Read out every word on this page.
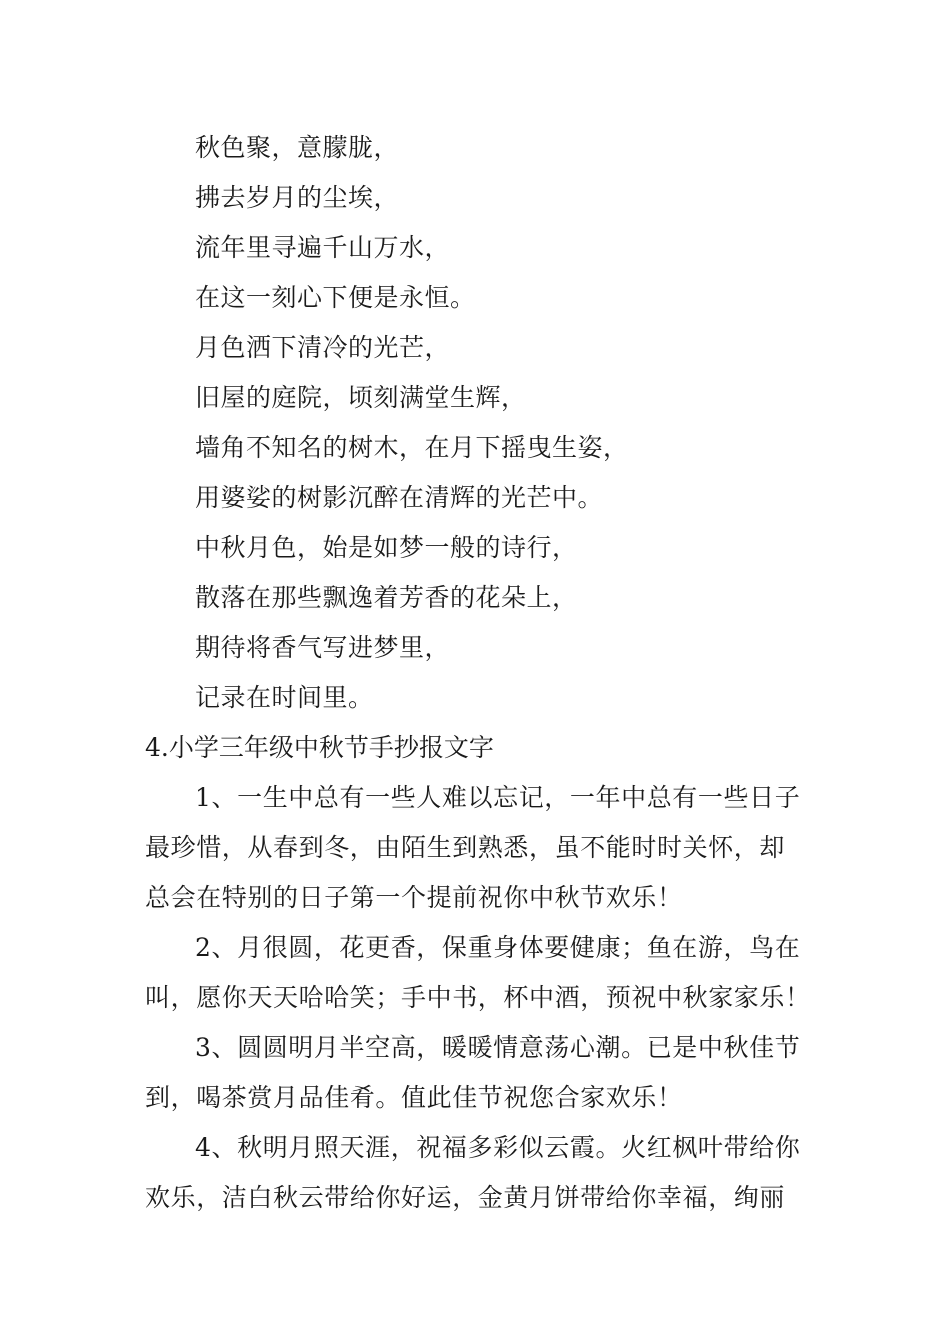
秋色聚，意朦胧，
拂去岁月的尘埃，
流年里寻遍千山万水，
在这一刻心下便是永恒。
月色洒下清冷的光芒，
旧屋的庭院，顷刻满堂生辉，
墙角不知名的树木，在月下摇曳生姿，
用婆娑的树影沉醉在清辉的光芒中。
中秋月色，始是如梦一般的诗行，
散落在那些飘逸着芳香的花朵上，
期待将香气写进梦里，
记录在时间里。
4.小学三年级中秋节手抄报文字
1、一生中总有一些人难以忘记，一年中总有一些日子
最珍惜，从春到冬，由陌生到熟悉，虽不能时时关怀，却
总会在特别的日子第一个提前祝你中秋节欢乐！
2、月很圆，花更香，保重身体要健康；鱼在游，鸟在
叫，愿你天天哈哈笑；手中书，杯中酒，预祝中秋家家乐！
3、圆圆明月半空高，暖暖情意荡心潮。已是中秋佳节
到，喝茶赏月品佳肴。值此佳节祝您合家欢乐！
4、秋明月照天涯，祝福多彩似云霞。火红枫叶带给你
欢乐，洁白秋云带给你好运，金黄月饼带给你幸福，绚丽
